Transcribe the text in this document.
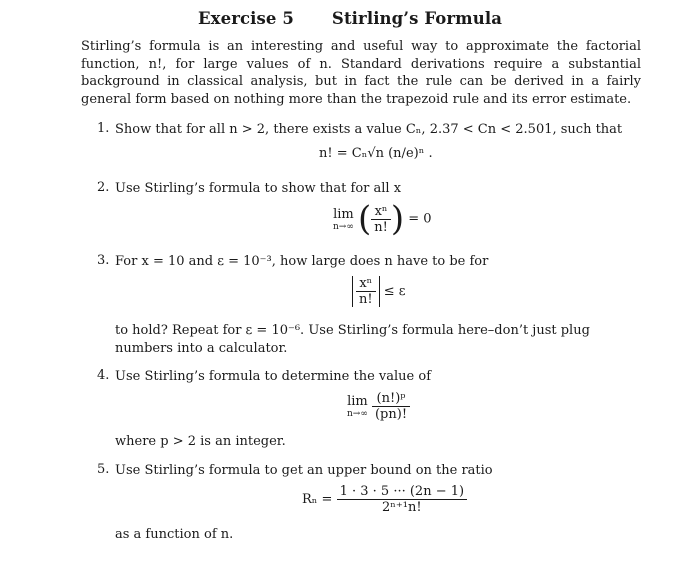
Exercise 5 Stirling’s Formula
Stirling’s formula is an interesting and useful way to approximate the factorial function, n!, for large values of n. Standard derivations require a substantial background in classical analysis, but in fact the rule can be derived in a fairly general form based on nothing more than the trapezoid rule and its error estimate.
1. Show that for all n > 2, there exists a value Cₙ, 2.37 < Cn < 2.501, such that
n! = Cₙ√n (n/e)ⁿ .
2. Use Stirling’s formula to show that for all x
lim
n→∞ ( $\frac{\text{xⁿ}}{n!}$ ) = 0
3. For x = 10 and ε = 10⁻³, how large does n have to be for
$\frac{\text{xⁿ}}{n!} \le \varepsilon$
to hold? Repeat for ε = 10⁻⁶. Use Stirling’s formula here–don’t just plug numbers into a calculator.
4. Use Stirling’s formula to determine the value of
lim
n→∞
$\frac{\text{(n!)ᵖ}}{(pn)!}$
where p > 2 is an integer.
5. Use Stirling’s formula to get an upper bound on the ratio
$R_n = \frac{1 \cdot 3 \cdot 5 \cdot\cdot\cdot (2n - 1)}{\text{2ⁿ⁺¹n!}}$
as a function of n.
